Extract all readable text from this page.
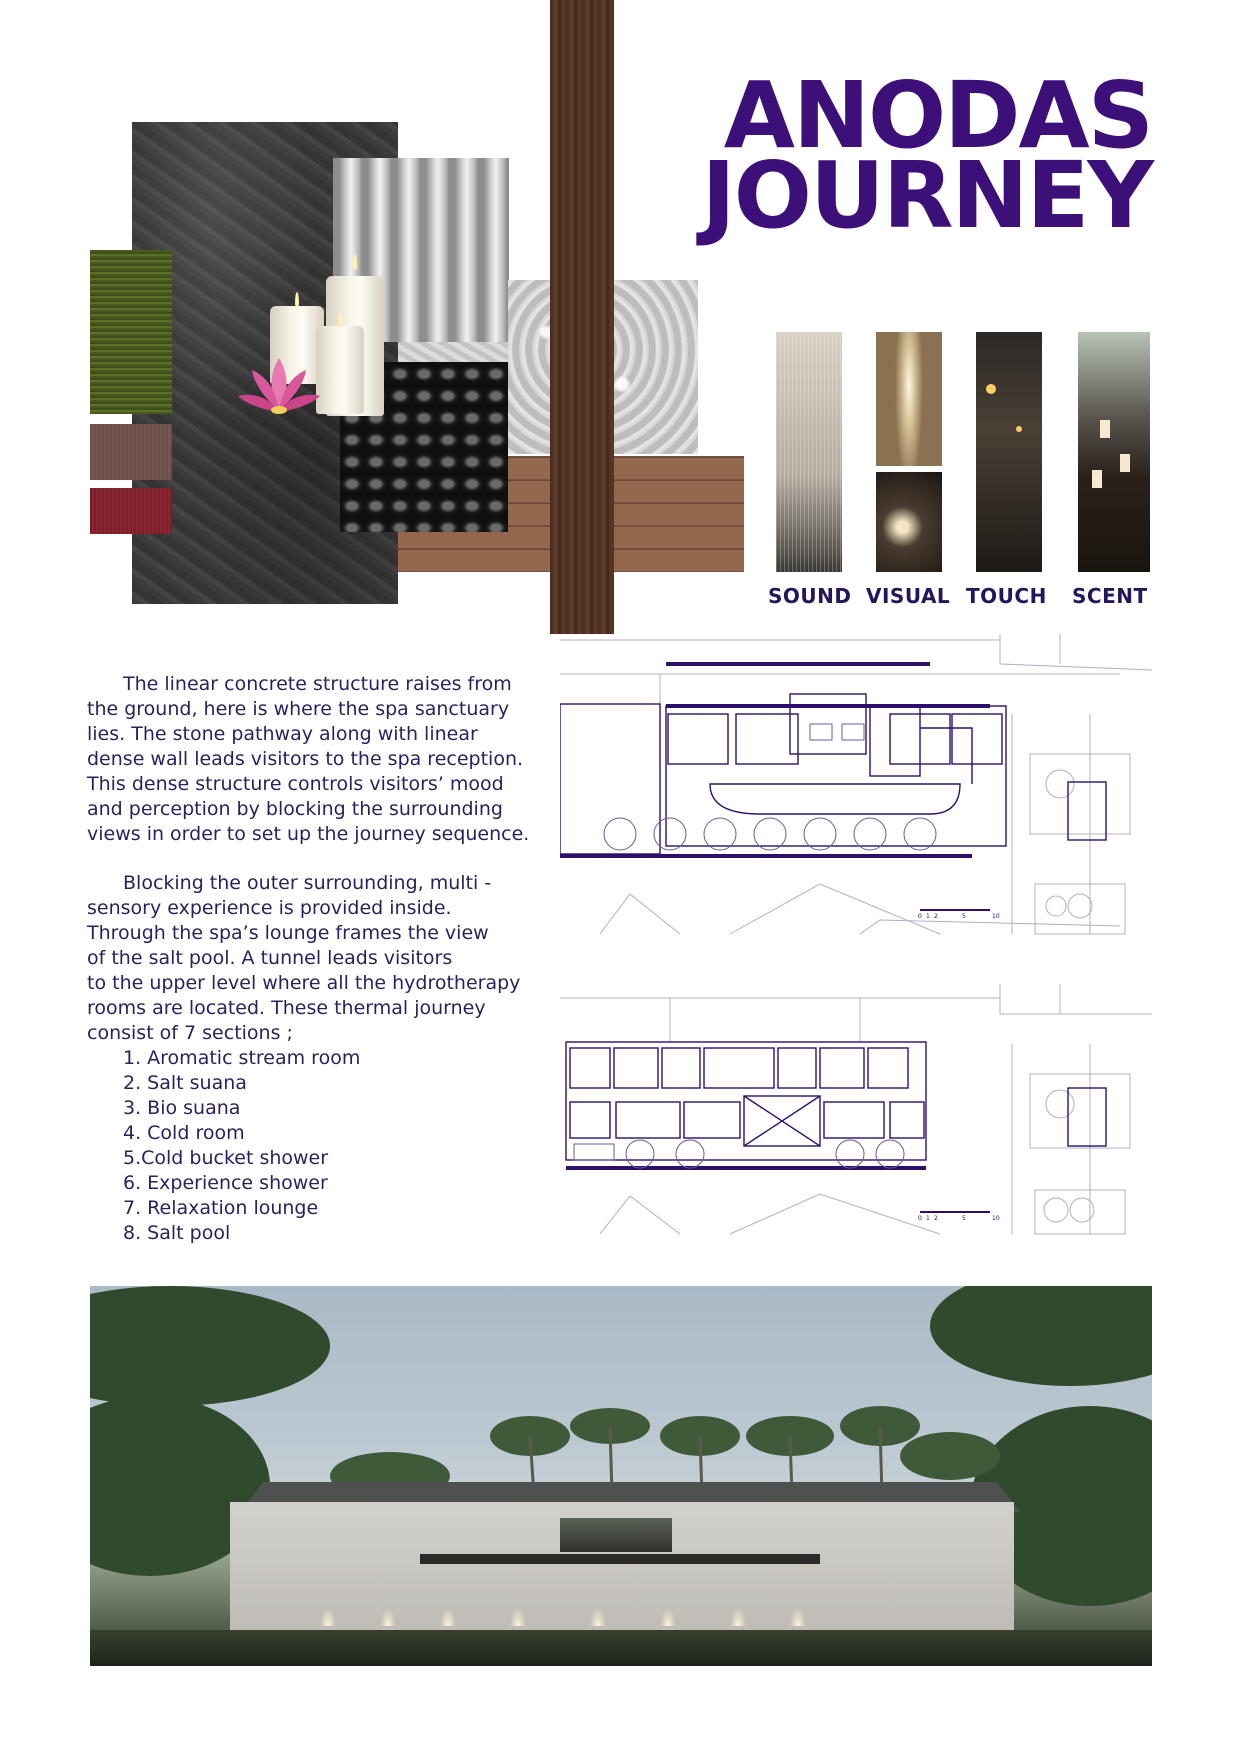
ANODAS
JOURNEY
SOUND VISUAL TOUCH SCENT

The linear concrete structure raises from
the ground, here is where the spa sanctuary
lies. The stone pathway along with linear
dense wall leads visitors to the spa reception.
This dense structure controls visitors’ mood
and perception by blocking the surrounding
views in order to set up the journey sequence.

Blocking the outer surrounding, multi -
sensory experience is provided inside.
Through the spa’s lounge frames the view
of the salt pool. A tunnel leads visitors
to the upper level where all the hydrotherapy
rooms are located. These thermal journey
consist of 7 sections ;

1. Aromatic stream room
2. Salt suana
3. Bio suana
4. Cold room
5.Cold bucket shower
6. Experience shower
7. Relaxation lounge
8. Salt pool
0 1 2	5	10
0 1 2	5	10
